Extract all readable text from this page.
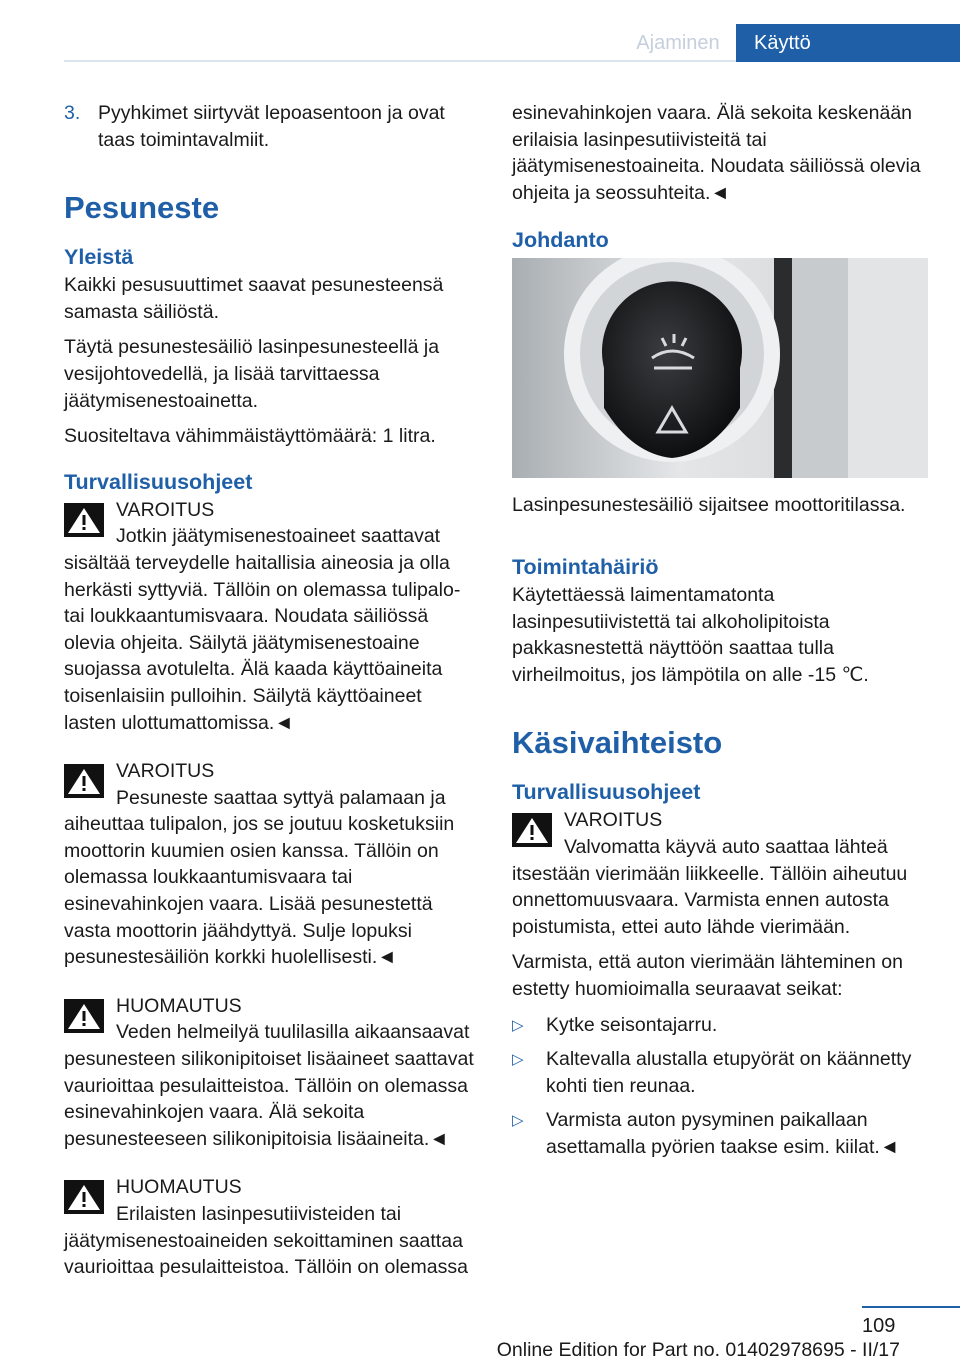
Ajaminen	Käyttö

3. Pyyhkimet siirtyvät lepoasentoon ja ovat taas toimintavalmiit.

Pesuneste
Yleistä

Kaikki pesusuuttimet saavat pesunesteensä samasta säiliöstä.

Täytä pesunestesäiliö lasinpesunesteellä ja vesijohtovedellä, ja lisää tarvittaessa jäätymisenestoainetta.

Suositeltava vähimmäistäyttömäärä: 1 litra.

Turvallisuusohjeet

VAROITUS

Jotkin jäätymisenestoaineet saattavat sisältää terveydelle haitallisia aineosia ja olla herkästi syttyviä. Tällöin on olemassa tulipalo- tai loukkaantumisvaara. Noudata säiliössä olevia ohjeita. Säilytä jäätymisenestoaine suojassa avotulelta. Älä kaada käyttöaineita toisenlaisiin pulloihin. Säilytä käyttöaineet lasten ulottumattomissa.◄

VAROITUS

Pesuneste saattaa syttyä palamaan ja aiheuttaa tulipalon, jos se joutuu kosketuksiin moottorin kuumien osien kanssa. Tällöin on olemassa loukkaantumisvaara tai esinevahinkojen vaara. Lisää pesunestettä vasta moottorin jäähdyttyä. Sulje lopuksi pesunestesäiliön korkki huolellisesti.◄

HUOMAUTUS

Veden helmeilyä tuulilasilla aikaansaavat pesunesteen silikonipitoiset lisäaineet saattavat vaurioittaa pesulaitteistoa. Tällöin on olemassa esinevahinkojen vaara. Älä sekoita pesunesteeseen silikonipitoisia lisäaineita.◄

HUOMAUTUS

Erilaisten lasinpesutiivisteiden tai jäätymisenestoaineiden sekoittaminen saattaa vaurioittaa pesulaitteistoa. Tällöin on olemassa

esinevahinkojen vaara. Älä sekoita keskenään erilaisia lasinpesutiivisteitä tai jäätymisenestoaineita. Noudata säiliössä olevia ohjeita ja seossuhteita.◄

Johdanto

Lasinpesunestesäiliö sijaitsee moottoritilassa.

Toimintahäiriö

Käytettäessä laimentamatonta lasinpesutiivistettä tai alkoholipitoista pakkasnestettä näyttöön saattaa tulla virheilmoitus, jos lämpötila on alle -15 ℃.

Käsivaihteisto
Turvallisuusohjeet

VAROITUS

Valvomatta käyvä auto saattaa lähteä itsestään vierimään liikkeelle. Tällöin aiheutuu onnettomuusvaara. Varmista ennen autosta poistumista, ettei auto lähde vierimään.

Varmista, että auton vierimään lähteminen on estetty huomioimalla seuraavat seikat:

▷ Kytke seisontajarru.
▷ Kaltevalla alustalla etupyörät on käännetty kohti tien reunaa.
▷ Varmista auton pysyminen paikallaan asettamalla pyörien taakse esim. kiilat.◄
109
Online Edition for Part no. 01402978695 - II/17
